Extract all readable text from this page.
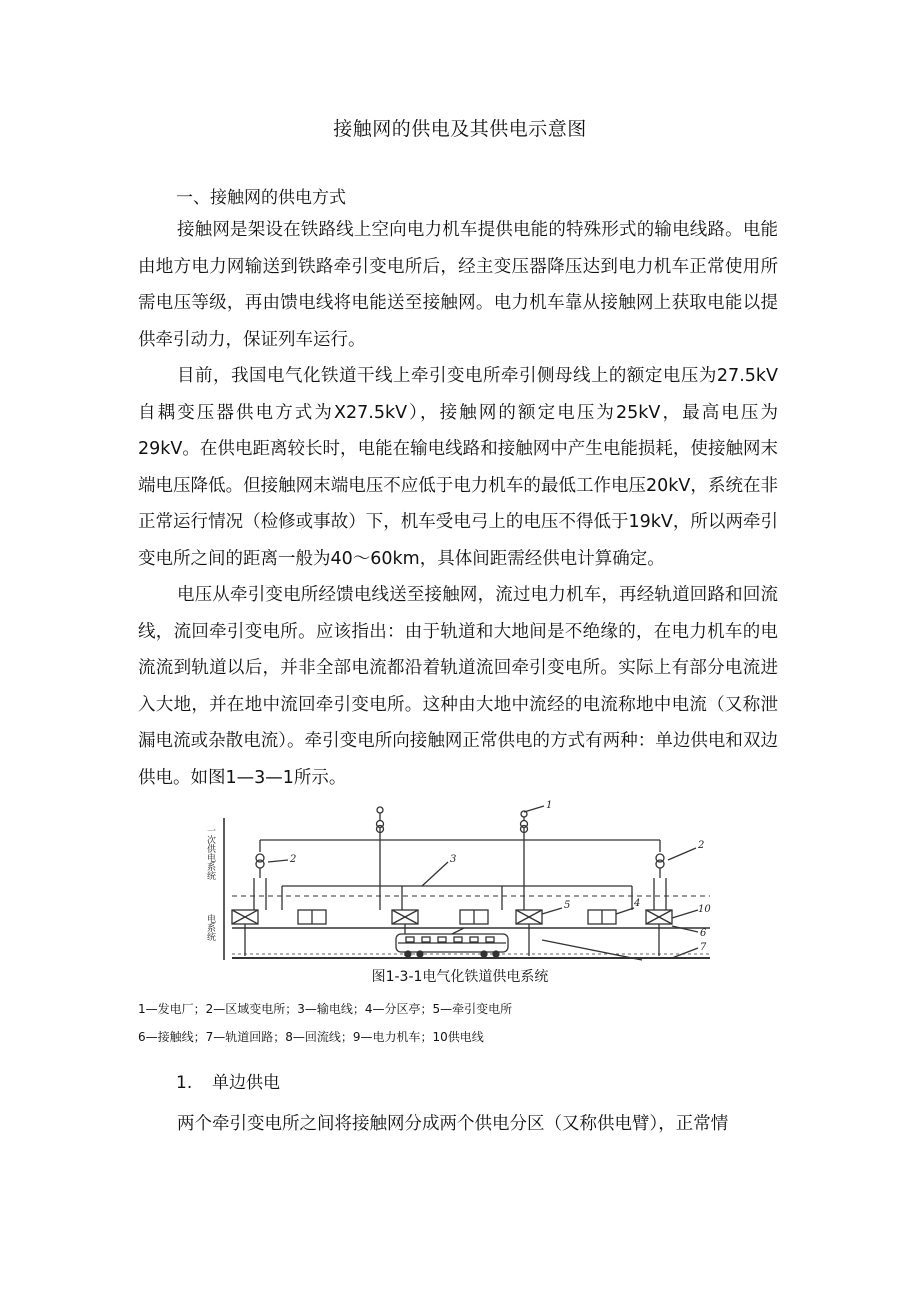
接触网的供电及其供电示意图
一、接触网的供电方式

接触网是架设在铁路线上空向电力机车提供电能的特殊形式的输电线路。电能由地方电力网输送到铁路牵引变电所后，经主变压器降压达到电力机车正常使用所需电压等级，再由馈电线将电能送至接触网。电力机车靠从接触网上获取电能以提供牵引动力，保证列车运行。

目前，我国电气化铁道干线上牵引变电所牵引侧母线上的额定电压为27.5kV自耦变压器供电方式为X27.5kV），接触网的额定电压为25kV，最高电压为29kV。在供电距离较长时，电能在输电线路和接触网中产生电能损耗，使接触网末端电压降低。但接触网末端电压不应低于电力机车的最低工作电压20kV，系统在非正常运行情况（检修或事故）下，机车受电弓上的电压不得低于19kV，所以两牵引变电所之间的距离一般为40～60km，具体间距需经供电计算确定。

电压从牵引变电所经馈电线送至接触网，流过电力机车，再经轨道回路和回流线，流回牵引变电所。应该指出：由于轨道和大地间是不绝缘的，在电力机车的电流流到轨道以后，并非全部电流都沿着轨道流回牵引变电所。实际上有部分电流进入大地，并在地中流回牵引变电所。这种由大地中流经的电流称地中电流（又称泄漏电流或杂散电流）。牵引变电所向接触网正常供电的方式有两种：单边供电和双边供电。如图1—3—1所示。

一次供电系统
电系统
1
2	3
2
4
5
6
7
10
图1-3-1电气化铁道供电系统
1—发电厂；2—区域变电所；3—输电线；4—分区亭；5—牵引变电所
6—接触线；7—轨道回路；8—回流线；9—电力机车；10供电线
1. 单边供电

两个牵引变电所之间将接触网分成两个供电分区（又称供电臂），正常情
